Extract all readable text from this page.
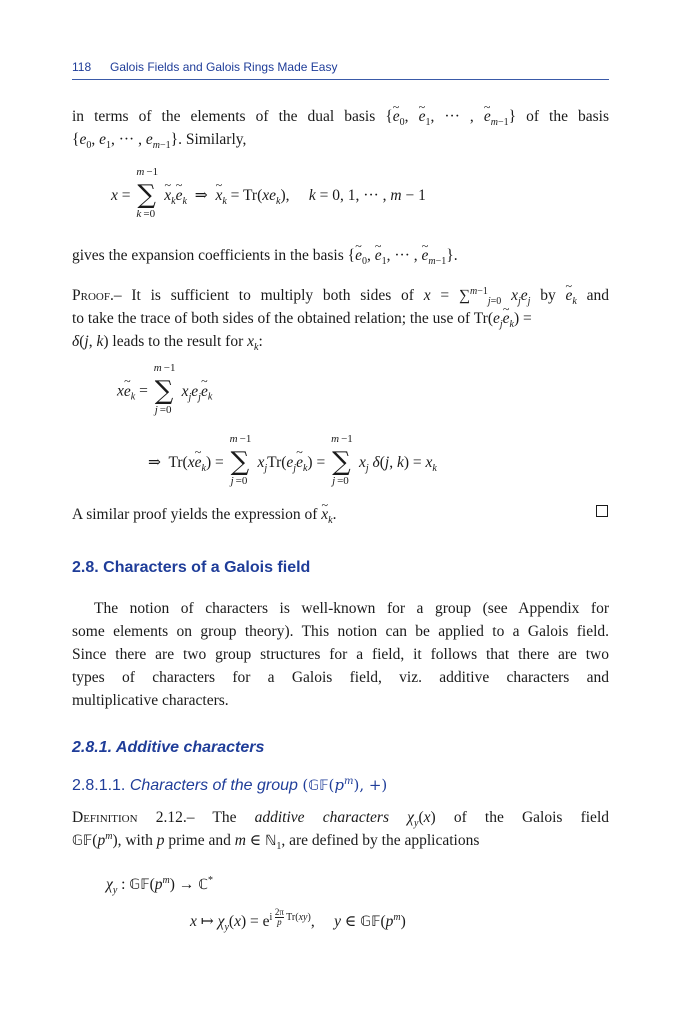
118 Galois Fields and Galois Rings Made Easy
in terms of the elements of the dual basis {~ $e_0$, ~ $e_1$, ··· , ~ $e_{m-1}$} of the basis
{$e_0$, $e_1$, ··· , $e_{m-1}$}. Similarly,
x = ∑
m −1
k =0
~ $x_k\sim$ $e_k$  ⇒  ~ $x_k = Tr(xe_k)$,     k = 0, 1, ··· , m − 1
gives the expansion coefficients in the basis {~ $e_0$, ~ $e_1$, ··· , ~ $e_{m-1}$}.
Proof.– It is sufficient to multiply both sides of x = ∑$^{m-1}_{j=0}$ $x_je_j$ by ~ $e_k$ and
to take the trace of both sides of the obtained relation; the use of $Tr(e_j\sim$ $e_k$) =
δ(j, k) leads to the result for $x_k$:
x~ $e_k$ = ∑
m −1
j =0
$x_je_j\sim$ $e_k$
⇒  Tr(x~ $e_k$) = ∑
m −1
j =0
$x_jTr(e_j\sim$ $e_k$) = ∑
m −1
j =0
$x_j$ δ(j, $k) = x_k$
A similar proof yields the expression of ~ $x_k$.
2.8. Characters of a Galois field
The notion of characters is well-known for a group (see Appendix for
some elements on group theory). This notion can be applied to a Galois field.
Since there are two group structures for a field, it follows that there are two
types of characters for a Galois field, viz. additive characters and
multiplicative characters.
2.8.1. Additive characters
2.8.1.1. Characters of the group ($𝔾𝔽(p^m)$, +)
Definition 2.12.– The additive characters $\chi_y(x)$ of the Galois field
$𝔾𝔽(p^m)$, with p prime and m ∈ ℕ$_1$, are defined by the applications
$\chi_y$ : $𝔾𝔽(p^m)$ → ℂ*
x ↦ $\chi_y(x) = e^{i \frac{2\pi}{p} Tr(xy)}$,     y ∈ $𝔾𝔽(p^m)$
